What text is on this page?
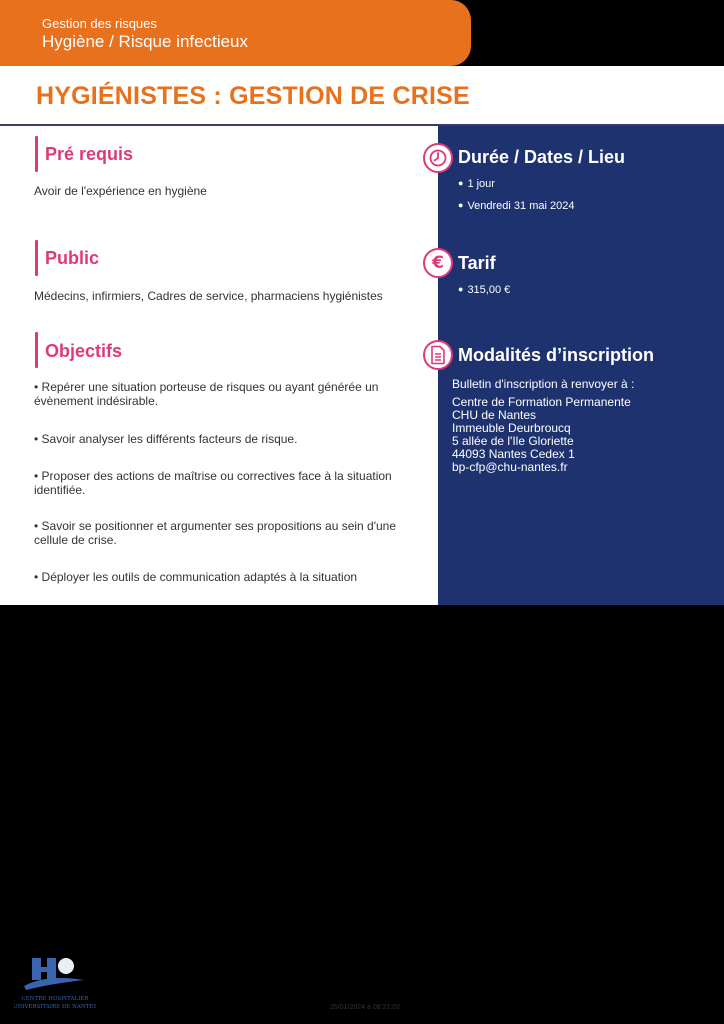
Gestion des risques
Hygiène / Risque infectieux
HYGIÉNISTES : GESTION DE CRISE
Pré requis
Avoir de l'expérience en hygiène
Public
Médecins, infirmiers, Cadres de service, pharmaciens hygiénistes
Objectifs
• Repérer une situation porteuse de risques ou ayant générée un évènement indésirable.
• Savoir analyser les différents facteurs de risque.
• Proposer des actions de maîtrise ou correctives face à la situation identifiée.
• Savoir se positionner et argumenter ses propositions au sein d'une cellule de crise.
• Déployer les outils de communication adaptés à la situation
Durée / Dates / Lieu
● 1 jour
● Vendredi 31 mai 2024
€ Tarif
● 315,00 €
Modalités d’inscription
Bulletin d'inscription à renvoyer à :
Centre de Formation Permanente
CHU de Nantes
Immeuble Deurbroucq
5 allée de l'Ile Gloriette
44093 Nantes Cedex 1
bp-cfp@chu-nantes.fr
CENTRE HOSPITALIER
UNIVERSITAIRE DE NANTES	25/01/2024 à 08:21:02
